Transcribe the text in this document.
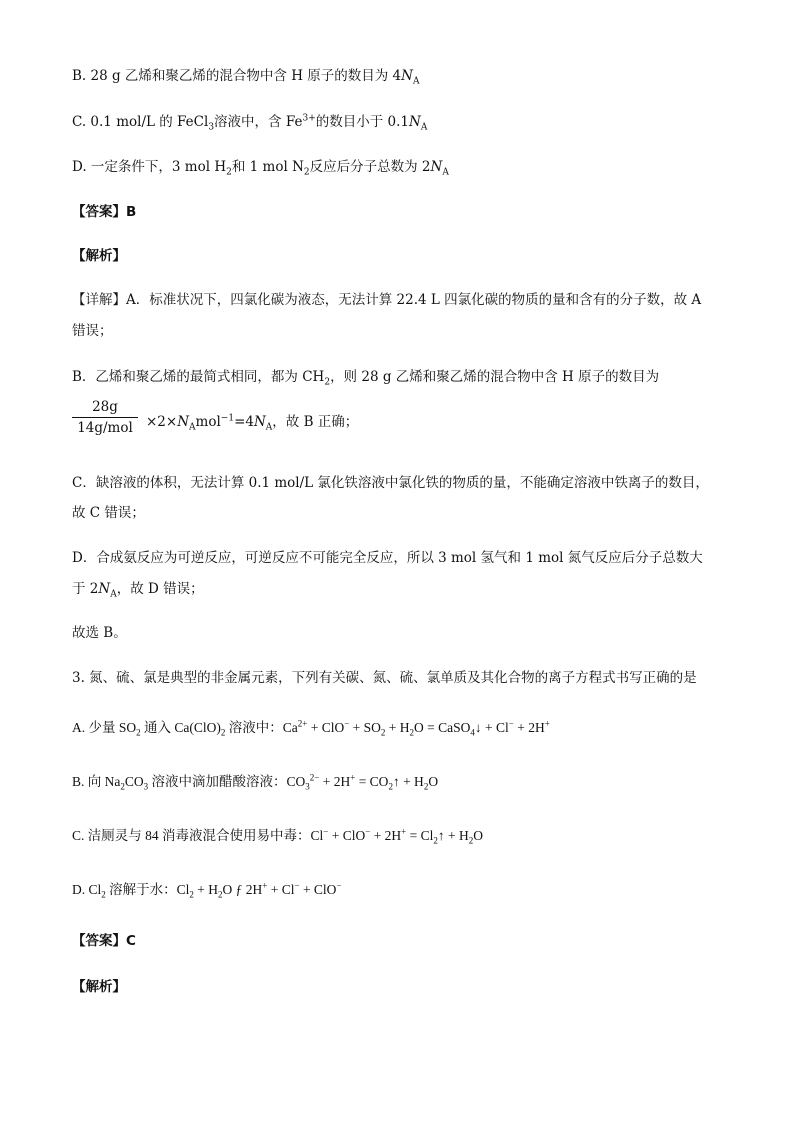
B. 28 g 乙烯和聚乙烯的混合物中含 H 原子的数目为 $4N_A$
C. 0.1 mol/L 的 FeCl$_3$溶液中，含 $Fe^{3+}$的数目小于 $0.1N_A$
D. 一定条件下，3 mol $H_2$和 1 mol $N_2$反应后分子总数为 $2N_A$
【答案】B
【解析】
【详解】A．标准状况下，四氯化碳为液态，无法计算 22.4 L 四氯化碳的物质的量和含有的分子数，故 A
错误；
B．乙烯和聚乙烯的最简式相同，都为 $CH_2$，则 28 g 乙烯和聚乙烯的混合物中含 H 原子的数目为
28g
$14g/mol \times 2\times N_Amol^{-1}=4N_A$，故 B 正确；
C．缺溶液的体积，无法计算 0.1 mol/L 氯化铁溶液中氯化铁的物质的量，不能确定溶液中铁离子的数目，
故 C 错误；
D．合成氨反应为可逆反应，可逆反应不可能完全反应，所以 3 mol 氢气和 1 mol 氮气反应后分子总数大
于 $2N_A$，故 D 错误；
故选 B。
3. 氮、硫、氯是典型的非金属元素，下列有关碳、氮、硫、氯单质及其化合物的离子方程式书写正确的是
A. 少量 $SO_2$ 通入 $Ca(ClO)_2$ 溶液中：$Ca^{2+} + ClO^- + SO_2 + H_2O$ = CaSO$_4$↓ + Cl− + 2H+
B. 向 $Na_2CO_3$ 溶液中滴加醋酸溶液：$CO_3^{2-} + 2H^+$ = $CO_2↑ + H_2O$
C. 洁厕灵与 84 消毒液混合使用易中毒：$Cl^- + ClO^- + 2H^+ = Cl_2↑ + H_2O$
D. $Cl_2$ 溶解于水：$Cl_2 + H_2O$ ƒ 2H+ + Cl− + ClO−
【答案】C
【解析】
